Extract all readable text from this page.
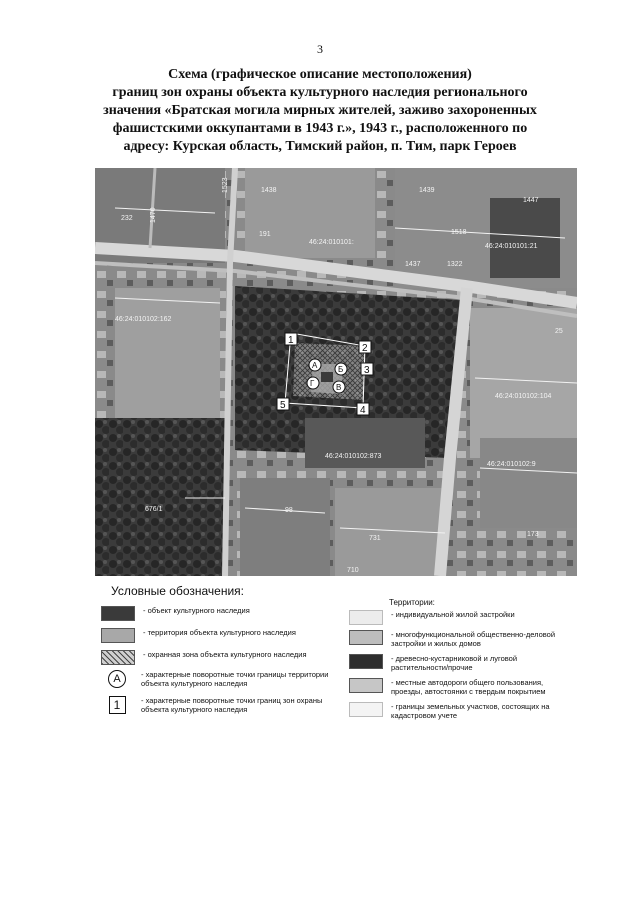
3
Схема (графическое описание местоположения)
границ зон охраны объекта культурного наследия регионального
значения «Братская могила мирных жителей, заживо захороненных
фашистскими оккупантами в 1943 г.», 1943 г., расположенного по
адресу: Курская область, Тимский район, п. Тим, парк Героев
232 1470
1523	1438	1439
1447
191
46:24:010101:
1437
1518
1322
46:24:010101:21
46:24:010102:162
25
46:24:010102:104
46:24:010102:873
46:24:010102:9
98
676/1
731
173
710
1
2
3
4
5
А	Б
В
Г
Условные обозначения:
- объект культурного наследия
- территория объекта культурного наследия
- охранная зона объекта культурного наследия
А	- характерные поворотные точки границы территории объекта культурного наследия
1	- характерные поворотные точки границ зон охраны объекта культурного наследия
Территории:
- индивидуальной жилой застройки
- многофункциональной общественно-деловой застройки и жилых домов
- древесно-кустарниковой и луговой растительности/прочие
- местные автодороги общего пользования, проезды, автостоянки с твердым покрытием
- границы земельных участков, состоящих на кадастровом учете
